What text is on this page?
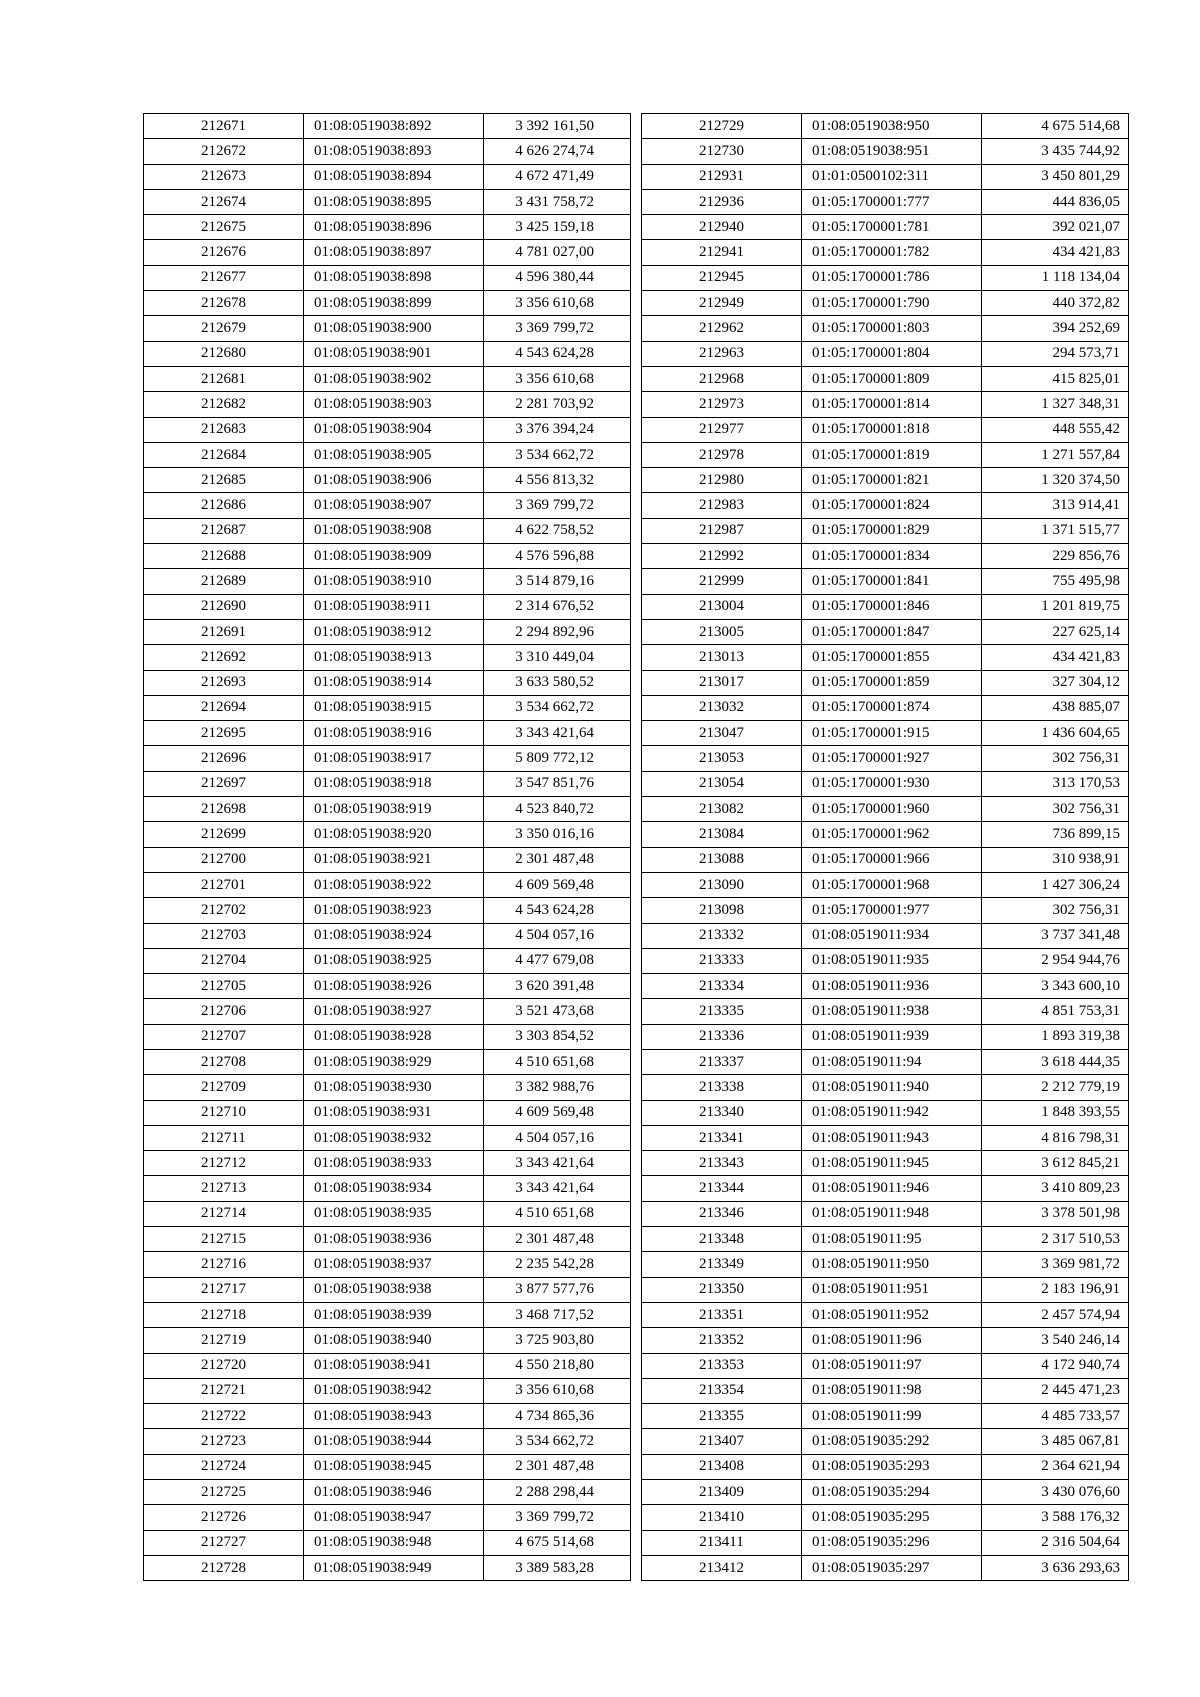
212671	01:08:0519038:892	3 392 161,50
212672	01:08:0519038:893	4 626 274,74
212673	01:08:0519038:894	4 672 471,49
212674	01:08:0519038:895	3 431 758,72
212675	01:08:0519038:896	3 425 159,18
212676	01:08:0519038:897	4 781 027,00
212677	01:08:0519038:898	4 596 380,44
212678	01:08:0519038:899	3 356 610,68
212679	01:08:0519038:900	3 369 799,72
212680	01:08:0519038:901	4 543 624,28
212681	01:08:0519038:902	3 356 610,68
212682	01:08:0519038:903	2 281 703,92
212683	01:08:0519038:904	3 376 394,24
212684	01:08:0519038:905	3 534 662,72
212685	01:08:0519038:906	4 556 813,32
212686	01:08:0519038:907	3 369 799,72
212687	01:08:0519038:908	4 622 758,52
212688	01:08:0519038:909	4 576 596,88
212689	01:08:0519038:910	3 514 879,16
212690	01:08:0519038:911	2 314 676,52
212691	01:08:0519038:912	2 294 892,96
212692	01:08:0519038:913	3 310 449,04
212693	01:08:0519038:914	3 633 580,52
212694	01:08:0519038:915	3 534 662,72
212695	01:08:0519038:916	3 343 421,64
212696	01:08:0519038:917	5 809 772,12
212697	01:08:0519038:918	3 547 851,76
212698	01:08:0519038:919	4 523 840,72
212699	01:08:0519038:920	3 350 016,16
212700	01:08:0519038:921	2 301 487,48
212701	01:08:0519038:922	4 609 569,48
212702	01:08:0519038:923	4 543 624,28
212703	01:08:0519038:924	4 504 057,16
212704	01:08:0519038:925	4 477 679,08
212705	01:08:0519038:926	3 620 391,48
212706	01:08:0519038:927	3 521 473,68
212707	01:08:0519038:928	3 303 854,52
212708	01:08:0519038:929	4 510 651,68
212709	01:08:0519038:930	3 382 988,76
212710	01:08:0519038:931	4 609 569,48
212711	01:08:0519038:932	4 504 057,16
212712	01:08:0519038:933	3 343 421,64
212713	01:08:0519038:934	3 343 421,64
212714	01:08:0519038:935	4 510 651,68
212715	01:08:0519038:936	2 301 487,48
212716	01:08:0519038:937	2 235 542,28
212717	01:08:0519038:938	3 877 577,76
212718	01:08:0519038:939	3 468 717,52
212719	01:08:0519038:940	3 725 903,80
212720	01:08:0519038:941	4 550 218,80
212721	01:08:0519038:942	3 356 610,68
212722	01:08:0519038:943	4 734 865,36
212723	01:08:0519038:944	3 534 662,72
212724	01:08:0519038:945	2 301 487,48
212725	01:08:0519038:946	2 288 298,44
212726	01:08:0519038:947	3 369 799,72
212727	01:08:0519038:948	4 675 514,68
212728	01:08:0519038:949	3 389 583,28
212729	01:08:0519038:950	4 675 514,68
212730	01:08:0519038:951	3 435 744,92
212931	01:01:0500102:311	3 450 801,29
212936	01:05:1700001:777	444 836,05
212940	01:05:1700001:781	392 021,07
212941	01:05:1700001:782	434 421,83
212945	01:05:1700001:786	1 118 134,04
212949	01:05:1700001:790	440 372,82
212962	01:05:1700001:803	394 252,69
212963	01:05:1700001:804	294 573,71
212968	01:05:1700001:809	415 825,01
212973	01:05:1700001:814	1 327 348,31
212977	01:05:1700001:818	448 555,42
212978	01:05:1700001:819	1 271 557,84
212980	01:05:1700001:821	1 320 374,50
212983	01:05:1700001:824	313 914,41
212987	01:05:1700001:829	1 371 515,77
212992	01:05:1700001:834	229 856,76
212999	01:05:1700001:841	755 495,98
213004	01:05:1700001:846	1 201 819,75
213005	01:05:1700001:847	227 625,14
213013	01:05:1700001:855	434 421,83
213017	01:05:1700001:859	327 304,12
213032	01:05:1700001:874	438 885,07
213047	01:05:1700001:915	1 436 604,65
213053	01:05:1700001:927	302 756,31
213054	01:05:1700001:930	313 170,53
213082	01:05:1700001:960	302 756,31
213084	01:05:1700001:962	736 899,15
213088	01:05:1700001:966	310 938,91
213090	01:05:1700001:968	1 427 306,24
213098	01:05:1700001:977	302 756,31
213332	01:08:0519011:934	3 737 341,48
213333	01:08:0519011:935	2 954 944,76
213334	01:08:0519011:936	3 343 600,10
213335	01:08:0519011:938	4 851 753,31
213336	01:08:0519011:939	1 893 319,38
213337	01:08:0519011:94	3 618 444,35
213338	01:08:0519011:940	2 212 779,19
213340	01:08:0519011:942	1 848 393,55
213341	01:08:0519011:943	4 816 798,31
213343	01:08:0519011:945	3 612 845,21
213344	01:08:0519011:946	3 410 809,23
213346	01:08:0519011:948	3 378 501,98
213348	01:08:0519011:95	2 317 510,53
213349	01:08:0519011:950	3 369 981,72
213350	01:08:0519011:951	2 183 196,91
213351	01:08:0519011:952	2 457 574,94
213352	01:08:0519011:96	3 540 246,14
213353	01:08:0519011:97	4 172 940,74
213354	01:08:0519011:98	2 445 471,23
213355	01:08:0519011:99	4 485 733,57
213407	01:08:0519035:292	3 485 067,81
213408	01:08:0519035:293	2 364 621,94
213409	01:08:0519035:294	3 430 076,60
213410	01:08:0519035:295	3 588 176,32
213411	01:08:0519035:296	2 316 504,64
213412	01:08:0519035:297	3 636 293,63
